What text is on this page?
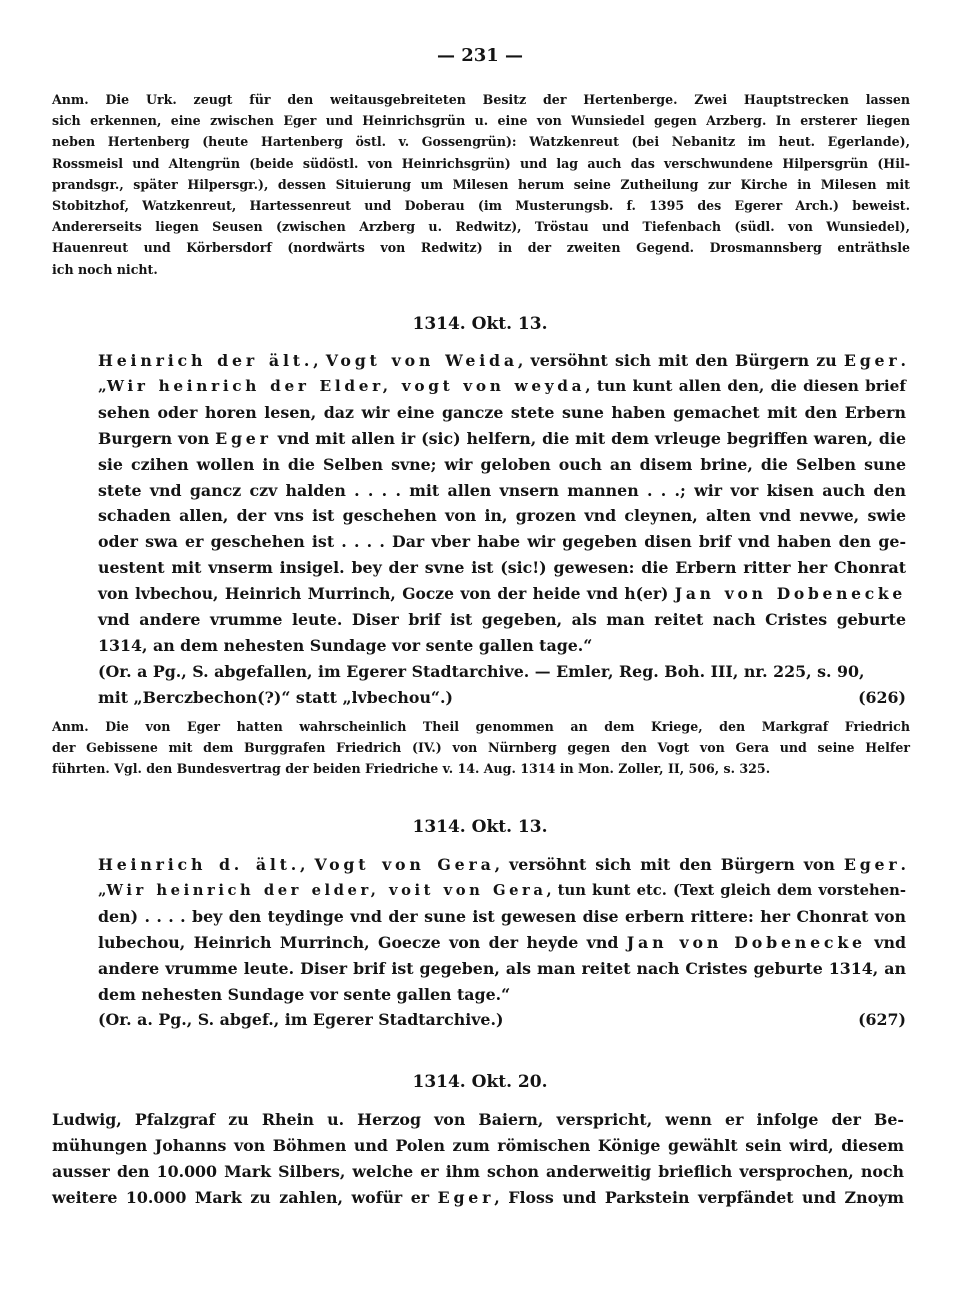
— 231 —
Anm. Die Urk. zeugt für den weitausgebreiteten Besitz der Hertenberge. Zwei Hauptstrecken lassen
sich erkennen, eine zwischen Eger und Heinrichsgrün u. eine von Wunsiedel gegen Arzberg. In ersterer liegen
neben Hertenberg (heute Hartenberg östl. v. Gossengrün): Watzkenreut (bei Nebanitz im heut. Egerlande),
Rossmeisl und Altengrün (beide südöstl. von Heinrichsgrün) und lag auch das verschwundene Hilpersgrün (Hil-
prandsgr., später Hilpersgr.), dessen Situierung um Milesen herum seine Zutheilung zur Kirche in Milesen mit
Stobitzhof, Watzkenreut, Hartessenreut und Doberau (im Musterungsb. f. 1395 des Egerer Arch.) beweist.
Andererseits liegen Seusen (zwischen Arzberg u. Redwitz), Tröstau und Tiefenbach (südl. von Wunsiedel),
Hauenreut und Körbersdorf (nordwärts von Redwitz) in der zweiten Gegend. Drosmannsberg enträthsle
ich noch nicht.
1314. Okt. 13.
Heinrich der ält., Vogt von Weida, versöhnt sich mit den Bürgern zu Eger.
„Wir heinrich der Elder, vogt von weyda, tun kunt allen den, die diesen brief
sehen oder horen lesen, daz wir eine gancze stete sune haben gemachet mit den Erbern
Burgern von Eger vnd mit allen ir (sic) helfern, die mit dem vrleuge begriffen waren, die
sie czihen wollen in die Selben svne; wir geloben ouch an disem brine, die Selben sune
stete vnd gancz czv halden . . . . mit allen vnsern mannen . . .; wir vor kisen auch den
schaden allen, der vns ist geschehen von in, grozen vnd cleynen, alten vnd nevwe, swie
oder swa er geschehen ist . . . . Dar vber habe wir gegeben disen brif vnd haben den ge-
uestent mit vnserm insigel. bey der svne ist (sic!) gewesen: die Erbern ritter her Chonrat
von lvbechou, Heinrich Murrinch, Gocze von der heide vnd h(er) Jan von Dobenecke
vnd andere vrumme leute. Diser brif ist gegeben, als man reitet nach Cristes geburte
1314, an dem nehesten Sundage vor sente gallen tage.“
(Or. a Pg., S. abgefallen, im Egerer Stadtarchive. — Emler, Reg. Boh. III, nr. 225, s. 90,
mit „Berczbechon(?)“ statt „lvbechou“.)	(626)
Anm. Die von Eger hatten wahrscheinlich Theil genommen an dem Kriege, den Markgraf Friedrich
der Gebissene mit dem Burggrafen Friedrich (IV.) von Nürnberg gegen den Vogt von Gera und seine Helfer
führten. Vgl. den Bundesvertrag der beiden Friedriche v. 14. Aug. 1314 in Mon. Zoller, II, 506, s. 325.
1314. Okt. 13.
Heinrich d. ält., Vogt von Gera, versöhnt sich mit den Bürgern von Eger.
„Wir heinrich der elder, voit von Gera, tun kunt etc. (Text gleich dem vorstehen-
den) . . . . bey den teydinge vnd der sune ist gewesen dise erbern rittere: her Chonrat von
lubechou, Heinrich Murrinch, Goecze von der heyde vnd Jan von Dobenecke vnd
andere vrumme leute. Diser brif ist gegeben, als man reitet nach Cristes geburte 1314, an
dem nehesten Sundage vor sente gallen tage.“
(Or. a. Pg., S. abgef., im Egerer Stadtarchive.)	(627)
1314. Okt. 20.
Ludwig, Pfalzgraf zu Rhein u. Herzog von Baiern, verspricht, wenn er infolge der Be-
mühungen Johanns von Böhmen und Polen zum römischen Könige gewählt sein wird, diesem
ausser den 10.000 Mark Silbers, welche er ihm schon anderweitig brieflich versprochen, noch
weitere 10.000 Mark zu zahlen, wofür er Eger, Floss und Parkstein verpfändet und Znoym
